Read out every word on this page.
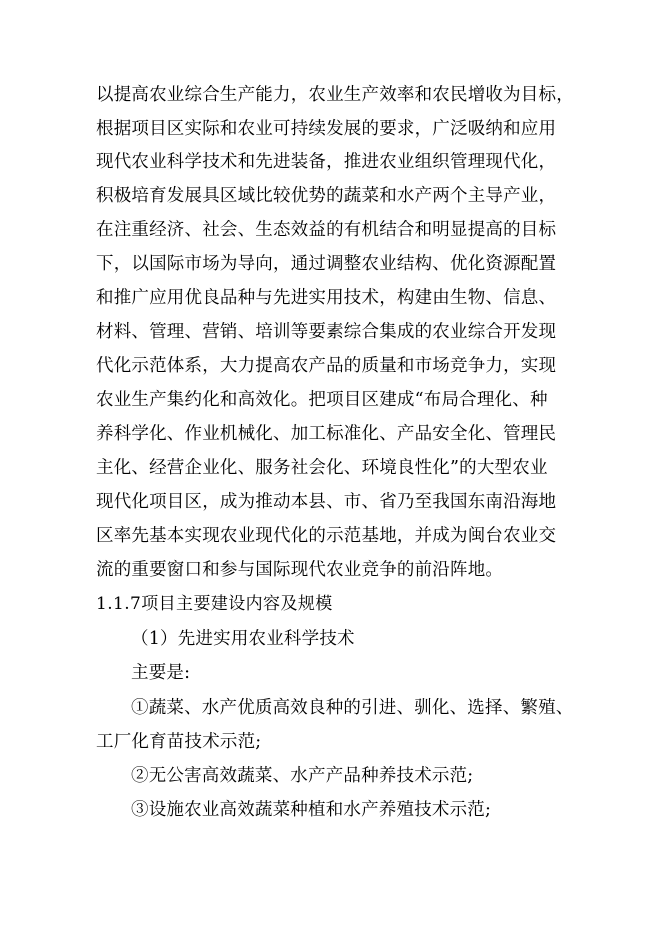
以提高农业综合生产能力，农业生产效率和农民增收为目标，
根据项目区实际和农业可持续发展的要求，广泛吸纳和应用
现代农业科学技术和先进装备，推进农业组织管理现代化，
积极培育发展具区域比较优势的蔬菜和水产两个主导产业，
在注重经济、社会、生态效益的有机结合和明显提高的目标
下，以国际市场为导向，通过调整农业结构、优化资源配置
和推广应用优良品种与先进实用技术，构建由生物、信息、
材料、管理、营销、培训等要素综合集成的农业综合开发现
代化示范体系，大力提高农产品的质量和市场竞争力，实现
农业生产集约化和高效化。把项目区建成“布局合理化、种
养科学化、作业机械化、加工标准化、产品安全化、管理民
主化、经营企业化、服务社会化、环境良性化”的大型农业
现代化项目区，成为推动本县、市、省乃至我国东南沿海地
区率先基本实现农业现代化的示范基地，并成为闽台农业交
流的重要窗口和参与国际现代农业竞争的前沿阵地。
1.1.7项目主要建设内容及规模
（1）先进实用农业科学技术
主要是:
①蔬菜、水产优质高效良种的引进、驯化、选择、繁殖、
工厂化育苗技术示范;
②无公害高效蔬菜、水产产品种养技术示范;
③设施农业高效蔬菜种植和水产养殖技术示范;
